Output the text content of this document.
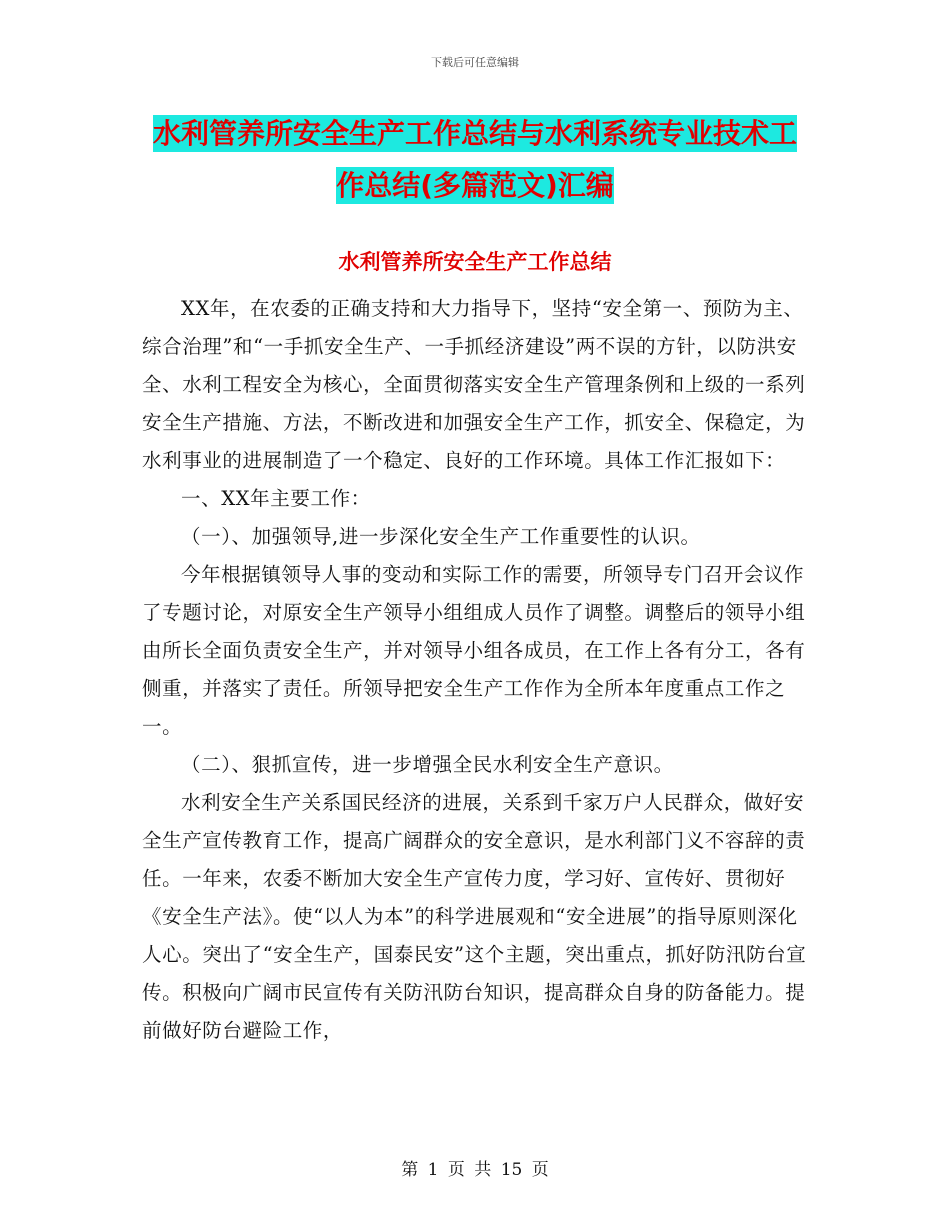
下载后可任意编辑
水利管养所安全生产工作总结与水利系统专业技术工
作总结(多篇范文)汇编
水利管养所安全生产工作总结

XX年，在农委的正确支持和大力指导下，坚持“安全第一、预防为主、综合治理”和“一手抓安全生产、一手抓经济建设”两不误的方针，以防洪安全、水利工程安全为核心，全面贯彻落实安全生产管理条例和上级的一系列安全生产措施、方法，不断改进和加强安全生产工作，抓安全、保稳定，为水利事业的进展制造了一个稳定、良好的工作环境。具体工作汇报如下：

一、XX年主要工作：

（一）、加强领导,进一步深化安全生产工作重要性的认识。

今年根据镇领导人事的变动和实际工作的需要，所领导专门召开会议作了专题讨论，对原安全生产领导小组组成人员作了调整。调整后的领导小组由所长全面负责安全生产，并对领导小组各成员，在工作上各有分工，各有侧重，并落实了责任。所领导把安全生产工作作为全所本年度重点工作之一。

（二）、狠抓宣传，进一步增强全民水利安全生产意识。

水利安全生产关系国民经济的进展，关系到千家万户人民群众，做好安全生产宣传教育工作，提高广阔群众的安全意识，是水利部门义不容辞的责任。一年来，农委不断加大安全生产宣传力度，学习好、宣传好、贯彻好《安全生产法》。使“以人为本”的科学进展观和“安全进展”的指导原则深化人心。突出了“安全生产，国泰民安”这个主题，突出重点，抓好防汛防台宣传。积极向广阔市民宣传有关防汛防台知识，提高群众自身的防备能力。提前做好防台避险工作，

第 1 页 共 15 页
